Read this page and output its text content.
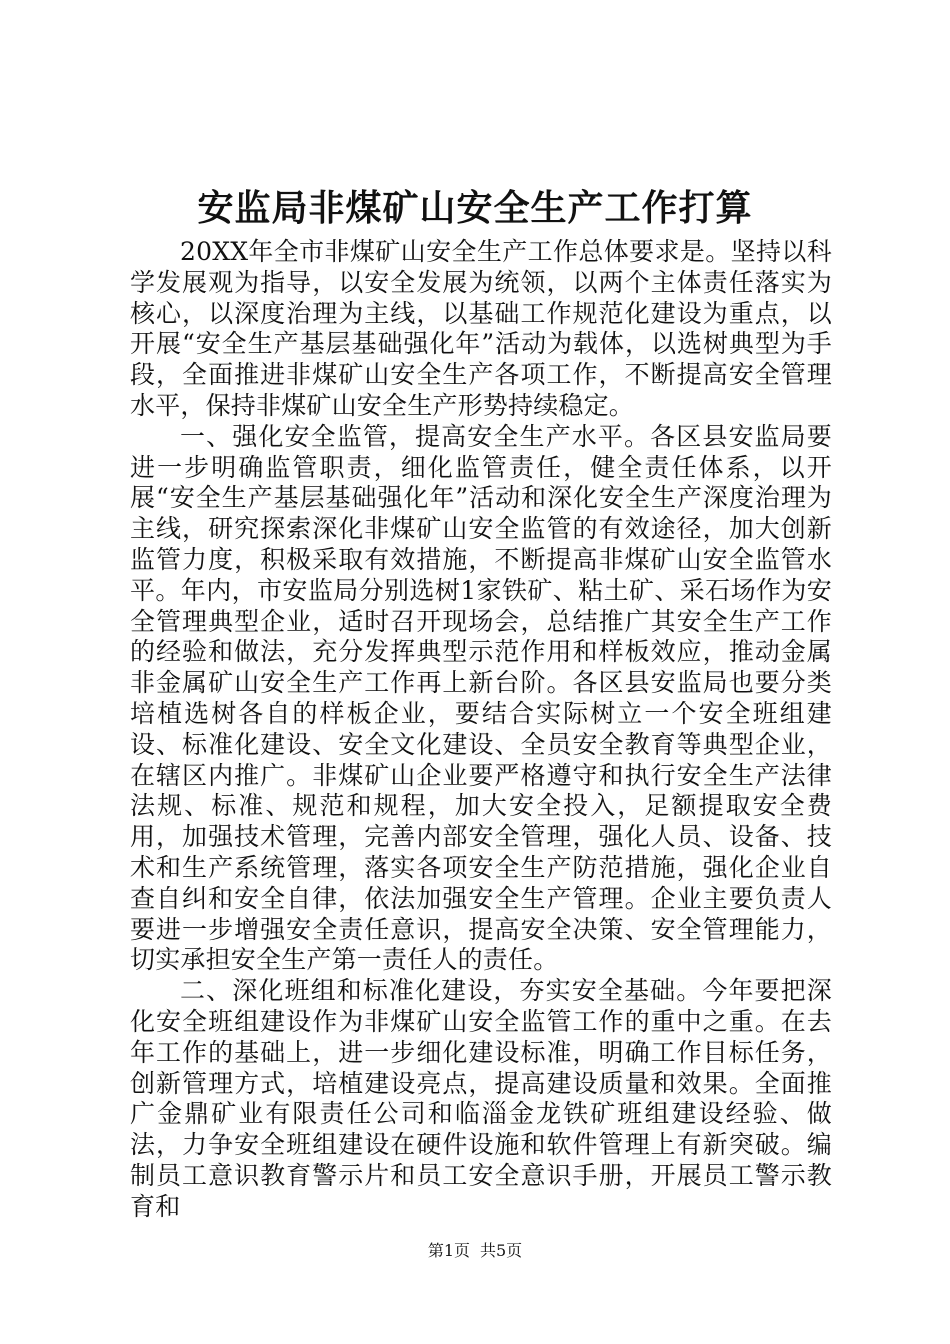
安监局非煤矿山安全生产工作打算

20XX年全市非煤矿山安全生产工作总体要求是。坚持以科学发展观为指导，以安全发展为统领，以两个主体责任落实为核心，以深度治理为主线，以基础工作规范化建设为重点，以开展“安全生产基层基础强化年”活动为载体，以选树典型为手段，全面推进非煤矿山安全生产各项工作，不断提高安全管理水平，保持非煤矿山安全生产形势持续稳定。

一、强化安全监管，提高安全生产水平。各区县安监局要进一步明确监管职责，细化监管责任，健全责任体系，以开展“安全生产基层基础强化年”活动和深化安全生产深度治理为主线，研究探索深化非煤矿山安全监管的有效途径，加大创新监管力度，积极采取有效措施，不断提高非煤矿山安全监管水平。年内，市安监局分别选树1家铁矿、粘土矿、采石场作为安全管理典型企业，适时召开现场会，总结推广其安全生产工作的经验和做法，充分发挥典型示范作用和样板效应，推动金属非金属矿山安全生产工作再上新台阶。各区县安监局也要分类培植选树各自的样板企业，要结合实际树立一个安全班组建设、标准化建设、安全文化建设、全员安全教育等典型企业，在辖区内推广。非煤矿山企业要严格遵守和执行安全生产法律法规、标准、规范和规程，加大安全投入，足额提取安全费用，加强技术管理，完善内部安全管理，强化人员、设备、技术和生产系统管理，落实各项安全生产防范措施，强化企业自查自纠和安全自律，依法加强安全生产管理。企业主要负责人要进一步增强安全责任意识，提高安全决策、安全管理能力，切实承担安全生产第一责任人的责任。

二、深化班组和标准化建设，夯实安全基础。今年要把深化安全班组建设作为非煤矿山安全监管工作的重中之重。在去年工作的基础上，进一步细化建设标准，明确工作目标任务，创新管理方式，培植建设亮点，提高建设质量和效果。全面推广金鼎矿业有限责任公司和临淄金龙铁矿班组建设经验、做法，力争安全班组建设在硬件设施和软件管理上有新突破。编制员工意识教育警示片和员工安全意识手册，开展员工警示教育和

第1页 共5页
